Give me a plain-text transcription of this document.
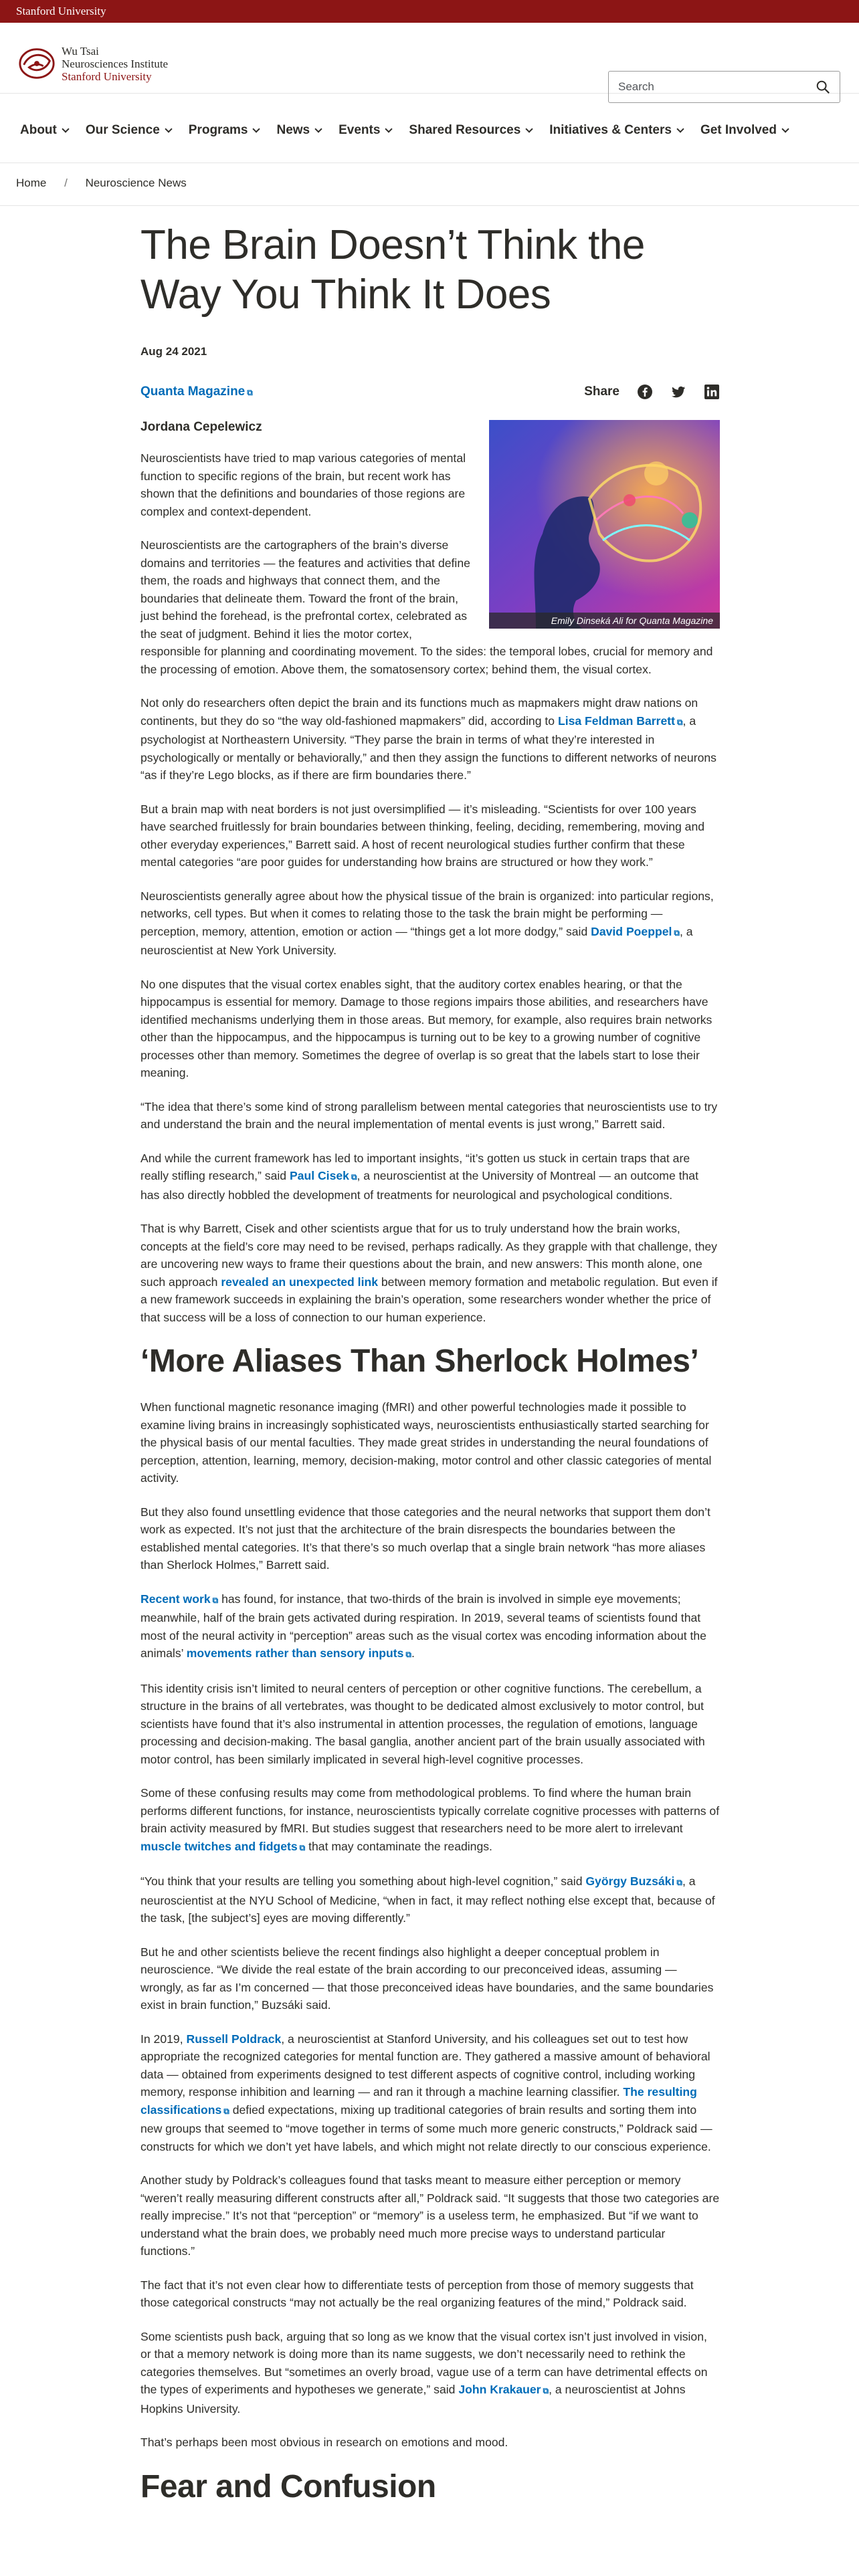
Stanford University
Wu Tsai
Neurosciences Institute
Stanford University
Search
About Our Science Programs News Events Shared Resources Initiatives & Centers Get Involved
Home / Neuroscience News
The Brain Doesn’t Think the Way You Think It Does
Aug 24 2021
Quanta Magazine ⧉	Share
Emily Dinseká Ali for Quanta Magazine
Jordana Cepelewicz

Neuroscientists have tried to map various categories of mental function to specific regions of the brain, but recent work has shown that the definitions and boundaries of those regions are complex and context-dependent.

Neuroscientists are the cartographers of the brain’s diverse domains and territories — the features and activities that define them, the roads and highways that connect them, and the boundaries that delineate them. Toward the front of the brain, just behind the forehead, is the prefrontal cortex, celebrated as the seat of judgment. Behind it lies the motor cortex, responsible for planning and coordinating movement. To the sides: the temporal lobes, crucial for memory and the processing of emotion. Above them, the somatosensory cortex; behind them, the visual cortex.

Not only do researchers often depict the brain and its functions much as mapmakers might draw nations on continents, but they do so “the way old-fashioned mapmakers” did, according to Lisa Feldman Barrett ⧉, a psychologist at Northeastern University. “They parse the brain in terms of what they’re interested in psychologically or mentally or behaviorally,” and then they assign the functions to different networks of neurons “as if they’re Lego blocks, as if there are firm boundaries there.”

But a brain map with neat borders is not just oversimplified — it’s misleading. “Scientists for over 100 years have searched fruitlessly for brain boundaries between thinking, feeling, deciding, remembering, moving and other everyday experiences,” Barrett said. A host of recent neurological studies further confirm that these mental categories “are poor guides for understanding how brains are structured or how they work.”

Neuroscientists generally agree about how the physical tissue of the brain is organized: into particular regions, networks, cell types. But when it comes to relating those to the task the brain might be performing — perception, memory, attention, emotion or action — “things get a lot more dodgy,” said David Poeppel ⧉, a neuroscientist at New York University.

No one disputes that the visual cortex enables sight, that the auditory cortex enables hearing, or that the hippocampus is essential for memory. Damage to those regions impairs those abilities, and researchers have identified mechanisms underlying them in those areas. But memory, for example, also requires brain networks other than the hippocampus, and the hippocampus is turning out to be key to a growing number of cognitive processes other than memory. Sometimes the degree of overlap is so great that the labels start to lose their meaning.

“The idea that there’s some kind of strong parallelism between mental categories that neuroscientists use to try and understand the brain and the neural implementation of mental events is just wrong,” Barrett said.

And while the current framework has led to important insights, “it’s gotten us stuck in certain traps that are really stifling research,” said Paul Cisek ⧉, a neuroscientist at the University of Montreal — an outcome that has also directly hobbled the development of treatments for neurological and psychological conditions.

That is why Barrett, Cisek and other scientists argue that for us to truly understand how the brain works, concepts at the field’s core may need to be revised, perhaps radically. As they grapple with that challenge, they are uncovering new ways to frame their questions about the brain, and new answers: This month alone, one such approach revealed an unexpected link between memory formation and metabolic regulation. But even if a new framework succeeds in explaining the brain’s operation, some researchers wonder whether the price of that success will be a loss of connection to our human experience.

‘More Aliases Than Sherlock Holmes’

When functional magnetic resonance imaging (fMRI) and other powerful technologies made it possible to examine living brains in increasingly sophisticated ways, neuroscientists enthusiastically started searching for the physical basis of our mental faculties. They made great strides in understanding the neural foundations of perception, attention, learning, memory, decision-making, motor control and other classic categories of mental activity.

But they also found unsettling evidence that those categories and the neural networks that support them don’t work as expected. It’s not just that the architecture of the brain disrespects the boundaries between the established mental categories. It’s that there’s so much overlap that a single brain network “has more aliases than Sherlock Holmes,” Barrett said.

Recent work ⧉ has found, for instance, that two-thirds of the brain is involved in simple eye movements; meanwhile, half of the brain gets activated during respiration. In 2019, several teams of scientists found that most of the neural activity in “perception” areas such as the visual cortex was encoding information about the animals’ movements rather than sensory inputs ⧉.

This identity crisis isn’t limited to neural centers of perception or other cognitive functions. The cerebellum, a structure in the brains of all vertebrates, was thought to be dedicated almost exclusively to motor control, but scientists have found that it’s also instrumental in attention processes, the regulation of emotions, language processing and decision-making. The basal ganglia, another ancient part of the brain usually associated with motor control, has been similarly implicated in several high-level cognitive processes.

Some of these confusing results may come from methodological problems. To find where the human brain performs different functions, for instance, neuroscientists typically correlate cognitive processes with patterns of brain activity measured by fMRI. But studies suggest that researchers need to be more alert to irrelevant muscle twitches and fidgets ⧉ that may contaminate the readings.

“You think that your results are telling you something about high-level cognition,” said György Buzsáki ⧉, a neuroscientist at the NYU School of Medicine, “when in fact, it may reflect nothing else except that, because of the task, [the subject’s] eyes are moving differently.”

But he and other scientists believe the recent findings also highlight a deeper conceptual problem in neuroscience. “We divide the real estate of the brain according to our preconceived ideas, assuming — wrongly, as far as I’m concerned — that those preconceived ideas have boundaries, and the same boundaries exist in brain function,” Buzsáki said.

In 2019, Russell Poldrack, a neuroscientist at Stanford University, and his colleagues set out to test how appropriate the recognized categories for mental function are. They gathered a massive amount of behavioral data — obtained from experiments designed to test different aspects of cognitive control, including working memory, response inhibition and learning — and ran it through a machine learning classifier. The resulting classifications ⧉ defied expectations, mixing up traditional categories of brain results and sorting them into new groups that seemed to “move together in terms of some much more generic constructs,” Poldrack said — constructs for which we don’t yet have labels, and which might not relate directly to our conscious experience.

Another study by Poldrack’s colleagues found that tasks meant to measure either perception or memory “weren’t really measuring different constructs after all,” Poldrack said. “It suggests that those two categories are really imprecise.” It’s not that “perception” or “memory” is a useless term, he emphasized. But “if we want to understand what the brain does, we probably need much more precise ways to understand particular functions.”

The fact that it’s not even clear how to differentiate tests of perception from those of memory suggests that those categorical constructs “may not actually be the real organizing features of the mind,” Poldrack said.

Some scientists push back, arguing that so long as we know that the visual cortex isn’t just involved in vision, or that a memory network is doing more than its name suggests, we don’t necessarily need to rethink the categories themselves. But “sometimes an overly broad, vague use of a term can have detrimental effects on the types of experiments and hypotheses we generate,” said John Krakauer ⧉, a neuroscientist at Johns Hopkins University.

That’s perhaps been most obvious in research on emotions and mood.

Fear and Confusion
